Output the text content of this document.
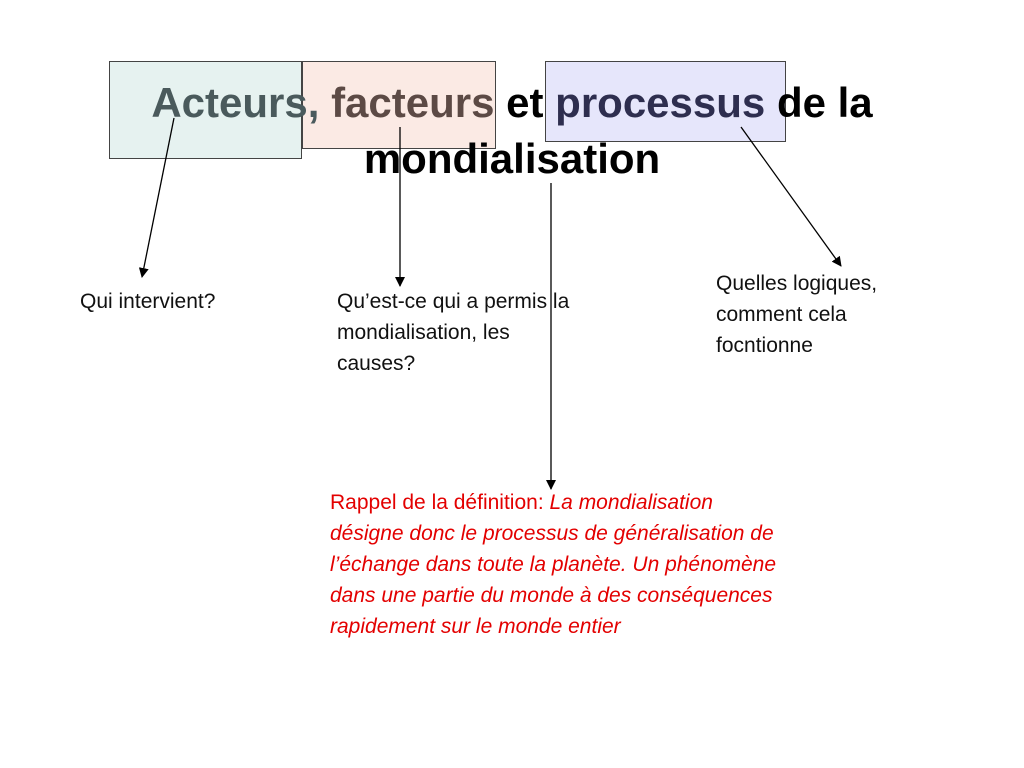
Acteurs, facteurs et processus de la
mondialisation
Qui intervient?	Qu’est-ce qui a permis la
mondialisation, les
causes?
Quelles logiques,
comment cela
focntionne
Rappel de la définition: La mondialisation
désigne donc le processus de généralisation de
l’échange dans toute la planète. Un phénomène
dans une partie du monde à des conséquences
rapidement sur le monde entier
